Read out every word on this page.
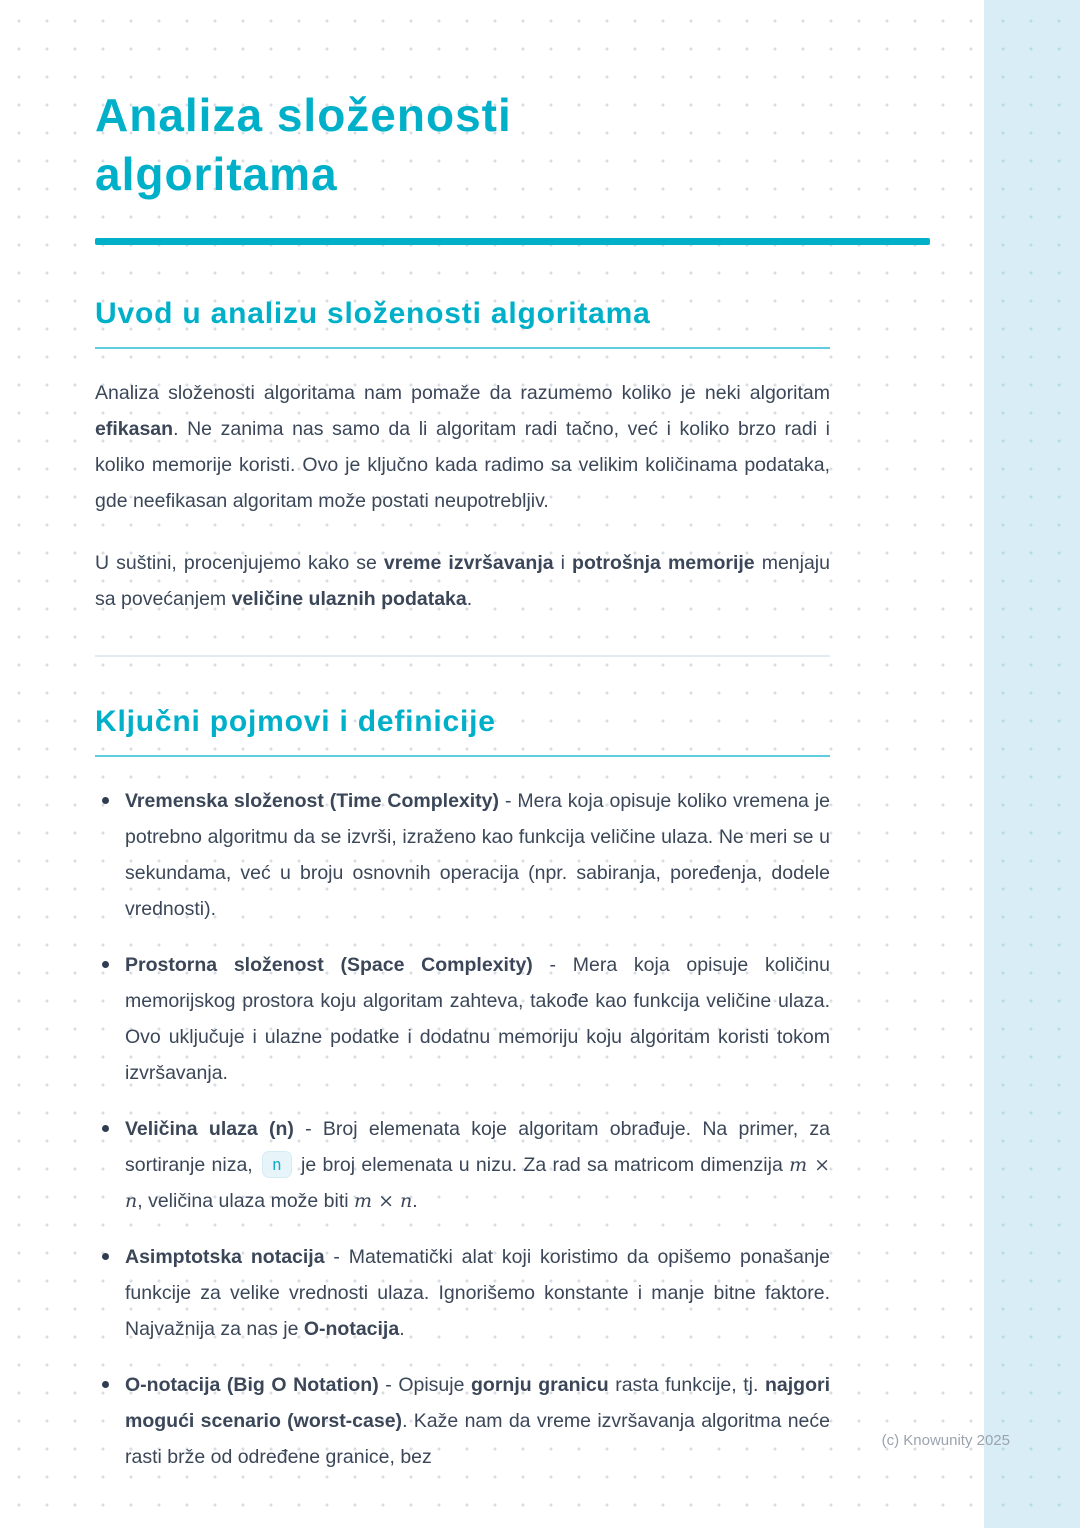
Analiza složenosti
algoritama
Uvod u analizu složenosti algoritama

Analiza složenosti algoritama nam pomaže da razumemo koliko je neki algoritam efikasan. Ne zanima nas samo da li algoritam radi tačno, već i koliko brzo radi i koliko memorije koristi. Ovo je ključno kada radimo sa velikim količinama podataka, gde neefikasan algoritam može postati neupotrebljiv.

U suštini, procenjujemo kako se vreme izvršavanja i potrošnja memorije menjaju sa povećanjem veličine ulaznih podataka.

Ključni pojmovi i definicije
Vremenska složenost (Time Complexity) - Mera koja opisuje koliko vremena je potrebno algoritmu da se izvrši, izraženo kao funkcija veličine ulaza. Ne meri se u sekundama, već u broju osnovnih operacija (npr. sabiranja, poređenja, dodele vrednosti).
Prostorna složenost (Space Complexity) - Mera koja opisuje količinu memorijskog prostora koju algoritam zahteva, takođe kao funkcija veličine ulaza. Ovo uključuje i ulazne podatke i dodatnu memoriju koju algoritam koristi tokom izvršavanja.
Veličina ulaza (n) - Broj elemenata koje algoritam obrađuje. Na primer, za sortiranje niza, n je broj elemenata u nizu. Za rad sa matricom dimenzija m × n, veličina ulaza može biti m × n.
Asimptotska notacija - Matematički alat koji koristimo da opišemo ponašanje funkcije za velike vrednosti ulaza. Ignorišemo konstante i manje bitne faktore. Najvažnija za nas je O-notacija.
O-notacija (Big O Notation) - Opisuje gornju granicu rasta funkcije, tj. najgori mogući scenario (worst-case). Kaže nam da vreme izvršavanja algoritma neće rasti brže od određene granice, bez
(c) Knowunity 2025
